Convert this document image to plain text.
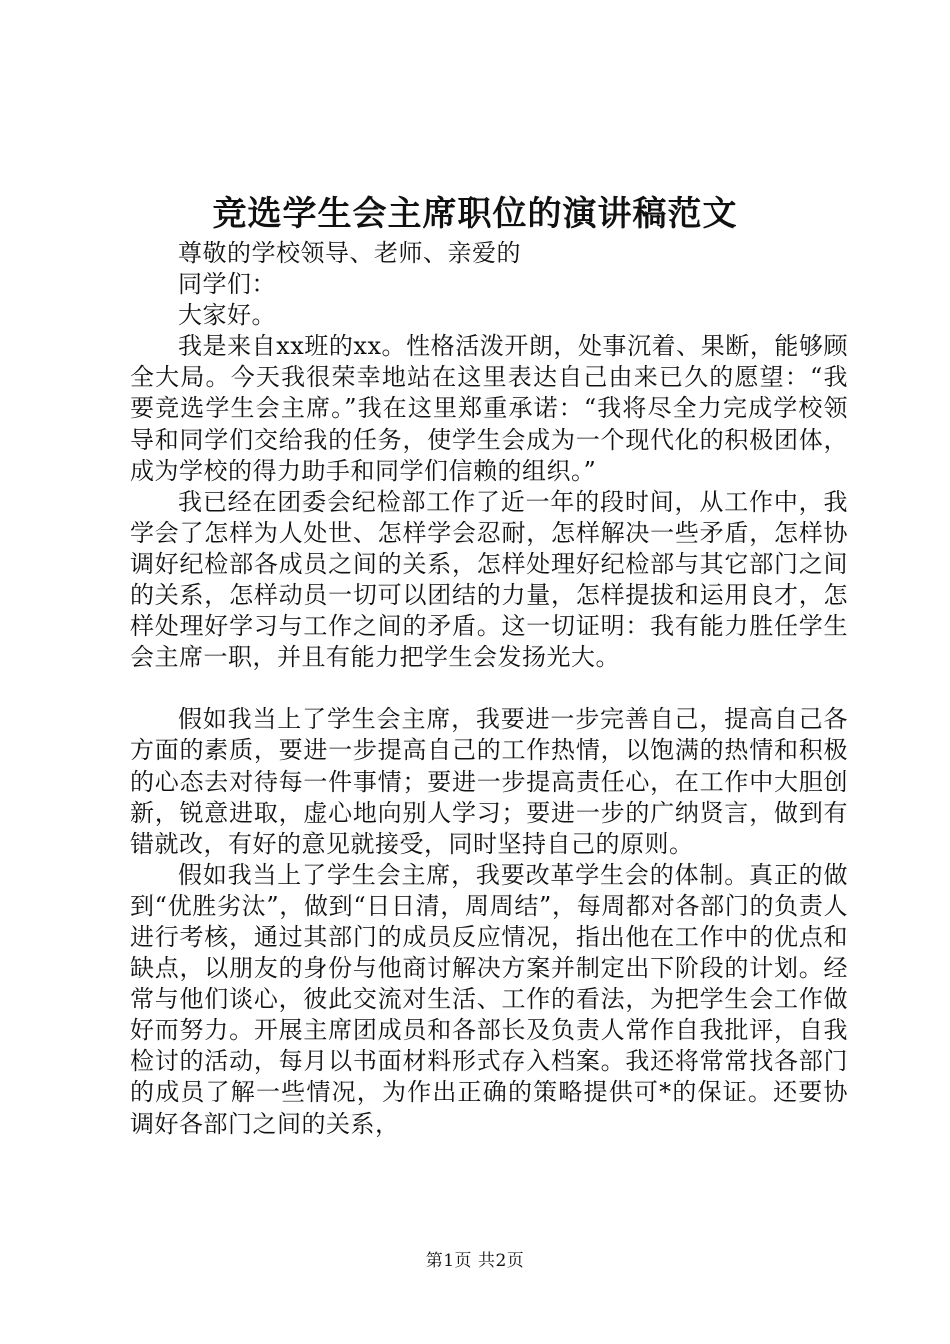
竞选学生会主席职位的演讲稿范文

尊敬的学校领导、老师、亲爱的

同学们：

大家好。

我是来自xx班的xx。性格活泼开朗，处事沉着、果断，能够顾全大局。今天我很荣幸地站在这里表达自己由来已久的愿望：“我要竞选学生会主席。”我在这里郑重承诺：“我将尽全力完成学校领导和同学们交给我的任务，使学生会成为一个现代化的积极团体，成为学校的得力助手和同学们信赖的组织。”

我已经在团委会纪检部工作了近一年的段时间，从工作中，我学会了怎样为人处世、怎样学会忍耐，怎样解决一些矛盾，怎样协调好纪检部各成员之间的关系，怎样处理好纪检部与其它部门之间的关系，怎样动员一切可以团结的力量，怎样提拔和运用良才，怎样处理好学习与工作之间的矛盾。这一切证明：我有能力胜任学生会主席一职，并且有能力把学生会发扬光大。

假如我当上了学生会主席，我要进一步完善自己，提高自己各方面的素质，要进一步提高自己的工作热情，以饱满的热情和积极的心态去对待每一件事情；要进一步提高责任心，在工作中大胆创新，锐意进取，虚心地向别人学习；要进一步的广纳贤言，做到有错就改，有好的意见就接受，同时坚持自己的原则。

假如我当上了学生会主席，我要改革学生会的体制。真正的做到“优胜劣汰”，做到“日日清，周周结”，每周都对各部门的负责人进行考核，通过其部门的成员反应情况，指出他在工作中的优点和缺点，以朋友的身份与他商讨解决方案并制定出下阶段的计划。经常与他们谈心，彼此交流对生活、工作的看法，为把学生会工作做好而努力。开展主席团成员和各部长及负责人常作自我批评，自我检讨的活动，每月以书面材料形式存入档案。我还将常常找各部门的成员了解一些情况，为作出正确的策略提供可*的保证。还要协调好各部门之间的关系，

第1页 共2页
